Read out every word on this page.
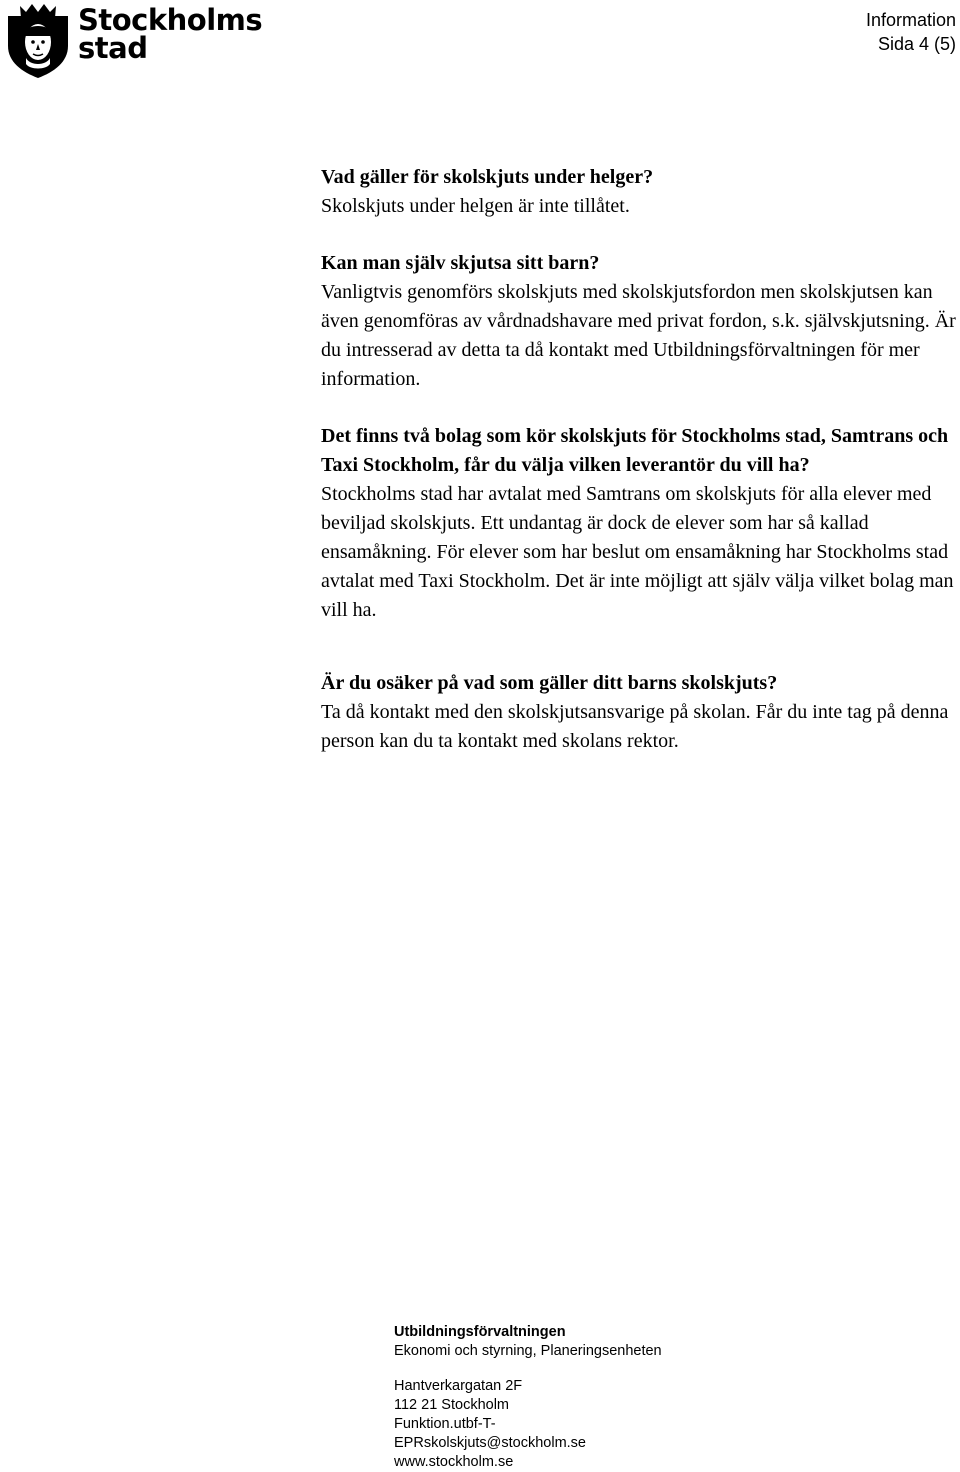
Stockholms
stad
Information
Sida 4 (5)
Vad gäller för skolskjuts under helger?
Skolskjuts under helgen är inte tillåtet.
Kan man själv skjutsa sitt barn?
Vanligtvis genomförs skolskjuts med skolskjutsfordon men skolskjutsen kan även genomföras av vårdnadshavare med privat fordon, s.k. självskjutsning. Är du intresserad av detta ta då kontakt med Utbildningsförvaltningen för mer information.
Det finns två bolag som kör skolskjuts för Stockholms stad, Samtrans och Taxi Stockholm, får du välja vilken leverantör du vill ha?
Stockholms stad har avtalat med Samtrans om skolskjuts för alla elever med beviljad skolskjuts. Ett undantag är dock de elever som har så kallad ensamåkning. För elever som har beslut om ensamåkning har Stockholms stad avtalat med Taxi Stockholm. Det är inte möjligt att själv välja vilket bolag man vill ha.
Är du osäker på vad som gäller ditt barns skolskjuts?
Ta då kontakt med den skolskjutsansvarige på skolan. Får du inte tag på denna person kan du ta kontakt med skolans rektor.
Utbildningsförvaltningen
Ekonomi och styrning, Planeringsenheten
Hantverkargatan 2F
112 21 Stockholm
Funktion.utbf-T-
EPRskolskjuts@stockholm.se
www.stockholm.se
